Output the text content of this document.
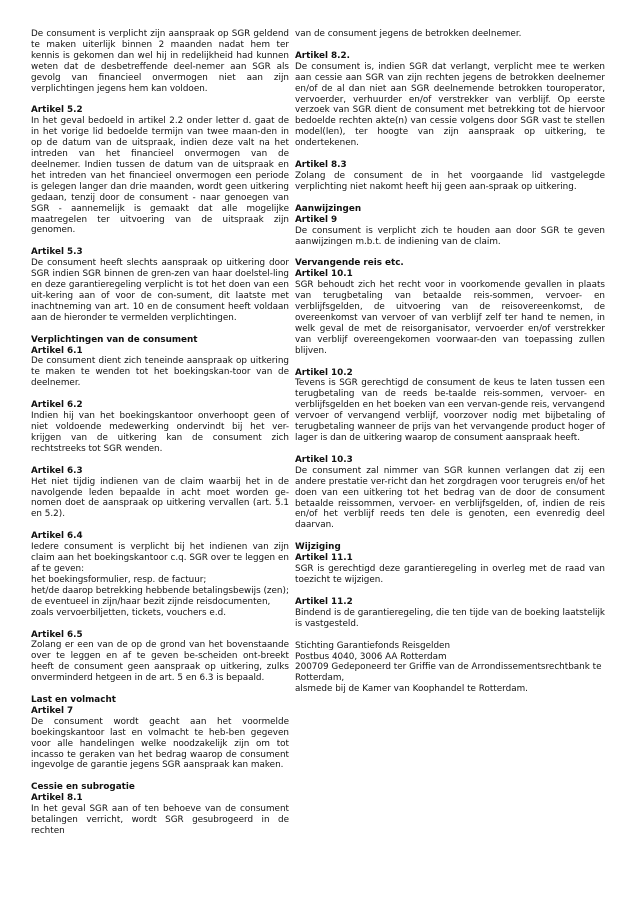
De consument is verplicht zijn aanspraak op SGR geldend te maken uiterlijk binnen 2 maanden nadat hem ter kennis is gekomen dan wel hij in redelijkheid had kunnen weten dat de desbetreffende deel-nemer aan SGR als gevolg van financieel onvermogen niet aan zijn verplichtingen jegens hem kan voldoen.
Artikel 5.2
In het geval bedoeld in artikel 2.2 onder letter d. gaat de in het vorige lid bedoelde termijn van twee maan-den in op de datum van de uitspraak, indien deze valt na het intreden van het financieel onvermogen van de deelnemer. Indien tussen de datum van de uitspraak en het intreden van het financieel onvermogen een periode is gelegen langer dan drie maanden, wordt geen uitkering gedaan, tenzij door de consument - naar genoegen van SGR - aannemelijk is gemaakt dat alle mogelijke maatregelen ter uitvoering van de uitspraak zijn genomen.
Artikel 5.3
De consument heeft slechts aanspraak op uitkering door SGR indien SGR binnen de gren-zen van haar doelstel-ling en deze garantieregeling verplicht is tot het doen van een uit-kering aan of voor de con-sument, dit laatste met inachtneming van art. 10 en de consument heeft voldaan aan de hieronder te vermelden verplichtingen.
Verplichtingen van de consument
Artikel 6.1
De consument dient zich teneinde aanspraak op uitkering te maken te wenden tot het boekingskan-toor van de deelnemer.
Artikel 6.2
Indien hij van het boekingskantoor onverhoopt geen of niet voldoende medewerking ondervindt bij het ver-krijgen van de uitkering kan de consument zich rechtstreeks tot SGR wenden.
Artikel 6.3
Het niet tijdig indienen van de claim waarbij het in de navolgende leden bepaalde in acht moet worden ge-nomen doet de aanspraak op uitkering vervallen (art. 5.1 en 5.2).
Artikel 6.4
Iedere consument is verplicht bij het indienen van zijn claim aan het boekingskantoor c.q. SGR over te leggen en af te geven:
het boekingsformulier, resp. de factuur;
het/de daarop betrekking hebbende betalingsbewijs (zen);
de eventueel in zijn/haar bezit zijnde reisdocumenten, zoals vervoerbiljetten, tickets, vouchers e.d.
Artikel 6.5
Zolang er een van de op de grond van het bovenstaande over te leggen en af te geven be-scheiden ont-breekt heeft de consument geen aanspraak op uitkering, zulks onverminderd hetgeen in de art. 5 en 6.3 is bepaald.
Last en volmacht
Artikel 7
De consument wordt geacht aan het voormelde boekingskantoor last en volmacht te heb-ben gegeven voor alle handelingen welke noodzakelijk zijn om tot incasso te geraken van het bedrag waarop de consument ingevolge de garantie jegens SGR aanspraak kan maken.
Cessie en subrogatie
Artikel 8.1
In het geval SGR aan of ten behoeve van de consument betalingen verricht, wordt SGR gesubrogeerd in de rechten
van de consument jegens de betrokken deelnemer.
Artikel 8.2.
De consument is, indien SGR dat verlangt, verplicht mee te werken aan cessie aan SGR van zijn rechten jegens de betrokken deelnemer en/of de al dan niet aan SGR deelnemende betrokken touroperator, vervoerder, verhuurder en/of verstrekker van verblijf. Op eerste verzoek van SGR dient de consument met betrekking tot de hiervoor bedoelde rechten akte(n) van cessie volgens door SGR vast te stellen model(len), ter hoogte van zijn aanspraak op uitkering, te ondertekenen.
Artikel 8.3
Zolang de consument de in het voorgaande lid vastgelegde verplichting niet nakomt heeft hij geen aan-spraak op uitkering.
Aanwijzingen
Artikel 9
De consument is verplicht zich te houden aan door SGR te geven aanwijzingen m.b.t. de indiening van de claim.
Vervangende reis etc.
Artikel 10.1
SGR behoudt zich het recht voor in voorkomende gevallen in plaats van terugbetaling van betaalde reis-sommen, vervoer- en verblijfsgelden, de uitvoering van de reisovereenkomst, de overeenkomst van vervoer of van verblijf zelf ter hand te nemen, in welk geval de met de reisorganisator, vervoerder en/of verstrekker van verblijf overeengekomen voorwaar-den van toepassing zullen blijven.
Artikel 10.2
Tevens is SGR gerechtigd de consument de keus te laten tussen een terugbetaling van de reeds be-taalde reis-sommen, vervoer- en verblijfsgelden en het boeken van een vervan-gende reis, vervangend vervoer of vervangend verblijf, voorzover nodig met bijbetaling of terugbetaling wanneer de prijs van het vervangende product hoger of lager is dan de uitkering waarop de consument aanspraak heeft.
Artikel 10.3
De consument zal nimmer van SGR kunnen verlangen dat zij een andere prestatie ver-richt dan het zorgdragen voor terugreis en/of het doen van een uitkering tot het bedrag van de door de consument betaalde reissommen, vervoer- en verblijfsgelden, of, indien de reis en/of het verblijf reeds ten dele is genoten, een evenredig deel daarvan.
Wijziging
Artikel 11.1
SGR is gerechtigd deze garantieregeling in overleg met de raad van toezicht te wijzigen.
Artikel 11.2
Bindend is de garantieregeling, die ten tijde van de boeking laatstelijk is vastgesteld.
Stichting Garantiefonds Reisgelden
Postbus 4040, 3006 AA Rotterdam
200709 Gedeponeerd ter Griffie van de Arrondissementsrechtbank te Rotterdam,
alsmede bij de Kamer van Koophandel te Rotterdam.
